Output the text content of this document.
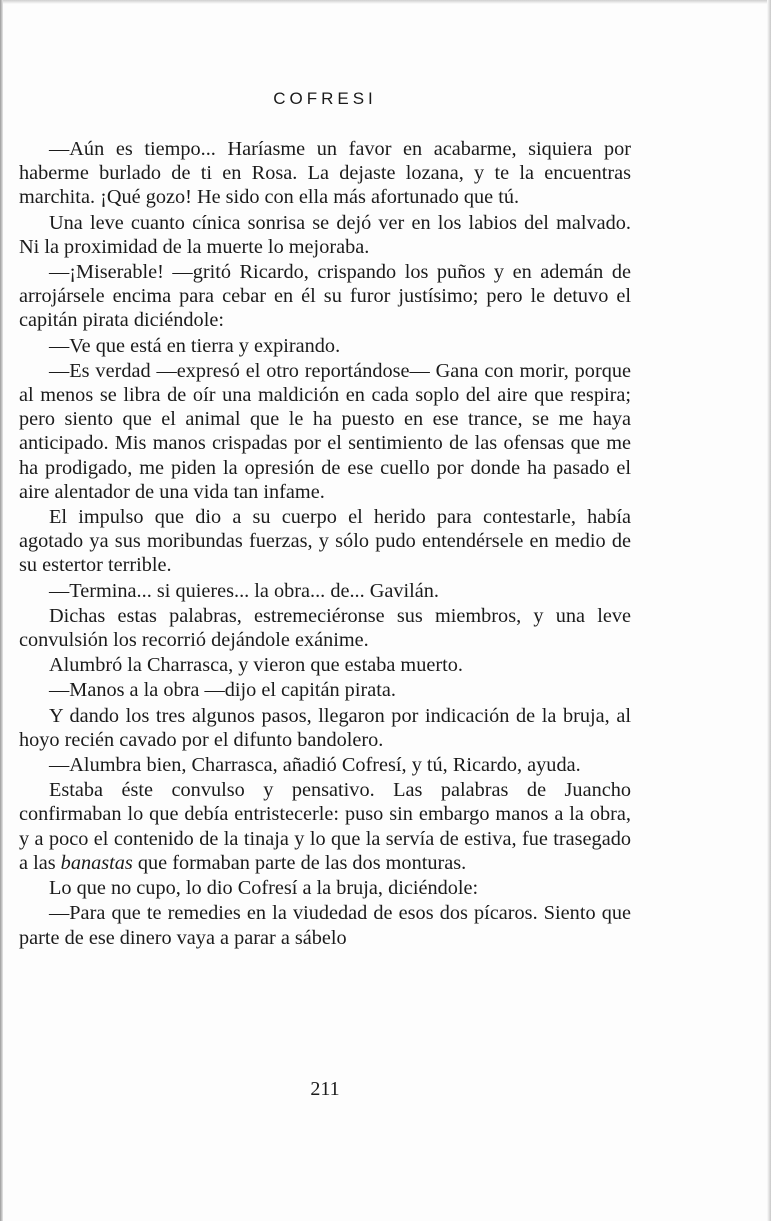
COFRESI

—Aún es tiempo... Haríasme un favor en acabarme, siquiera por haberme burlado de ti en Rosa. La dejaste lozana, y te la encuentras marchita. ¡Qué gozo! He sido con ella más afortunado que tú.

Una leve cuanto cínica sonrisa se dejó ver en los labios del malvado. Ni la proximidad de la muerte lo mejoraba.

—¡Miserable! —gritó Ricardo, crispando los puños y en ademán de arrojársele encima para cebar en él su furor justísimo; pero le detuvo el capitán pirata diciéndole:

—Ve que está en tierra y expirando.

—Es verdad —expresó el otro reportándose— Gana con morir, porque al menos se libra de oír una maldición en cada soplo del aire que respira; pero siento que el animal que le ha puesto en ese trance, se me haya anticipado. Mis manos crispadas por el sentimiento de las ofensas que me ha prodigado, me piden la opresión de ese cuello por donde ha pasado el aire alentador de una vida tan infame.

El impulso que dio a su cuerpo el herido para contestarle, había agotado ya sus moribundas fuerzas, y sólo pudo entendérsele en medio de su estertor terrible.

—Termina... si quieres... la obra... de... Gavilán.

Dichas estas palabras, estremeciéronse sus miembros, y una leve convulsión los recorrió dejándole exánime.

Alumbró la Charrasca, y vieron que estaba muerto.

—Manos a la obra —dijo el capitán pirata.

Y dando los tres algunos pasos, llegaron por indicación de la bruja, al hoyo recién cavado por el difunto bandolero.

—Alumbra bien, Charrasca, añadió Cofresí, y tú, Ricardo, ayuda.

Estaba éste convulso y pensativo. Las palabras de Juancho confirmaban lo que debía entristecerle: puso sin embargo manos a la obra, y a poco el contenido de la tinaja y lo que la servía de estiva, fue trasegado a las banastas que formaban parte de las dos monturas.

Lo que no cupo, lo dio Cofresí a la bruja, diciéndole:

—Para que te remedies en la viudedad de esos dos pícaros. Siento que parte de ese dinero vaya a parar a sábelo

211
